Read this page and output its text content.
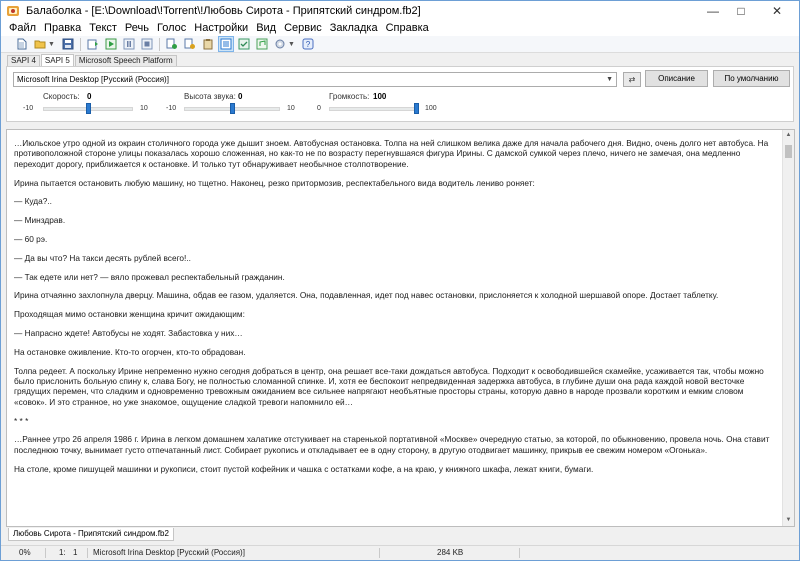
Балаболка - [E:\Download\!Torrent\!Любовь Сирота - Припятский синдром.fb2]	—	□	✕
Файл Правка Текст Речь Голос Настройки Вид Сервис Закладка Справка
▼	▼ ?
SAPI 4	SAPI 5	Microsoft Speech Platform
Microsoft Irina Desktop [Русский (Россия)]	▼	⇄	Описание	По умолчанию
Скорость: 0
-10	10
Высота звука: 0
-10	10
Громкость: 100
0	100

…Июльское утро одной из окраин столичного города уже дышит зноем. Автобусная остановка. Толпа на ней слишком велика даже для начала рабочего дня. Видно, очень долго нет автобуса. На противоположной стороне улицы показалась хорошо сложенная, но как-то не по возрасту перегнувшаяся фигура Ирины. С дамской сумкой через плечо, ничего не замечая, она медленно переходит дорогу, приближается к остановке. И только тут обнаруживает необычное столпотворение.

Ирина пытается остановить любую машину, но тщетно. Наконец, резко притормозив, респектабельного вида водитель лениво роняет:

— Куда?..

— Минздрав.

— 60 рэ.

— Да вы что? На такси десять рублей всего!..

— Так едете или нет? — вяло прожевал респектабельный гражданин.

Ирина отчаянно захлопнула дверцу. Машина, обдав ее газом, удаляется. Она, подавленная, идет под навес остановки, прислоняется к холодной шершавой опоре. Достает таблетку.

Проходящая мимо остановки женщина кричит ожидающим:

— Напрасно ждете! Автобусы не ходят. Забастовка у них…

На остановке оживление. Кто-то огорчен, кто-то обрадован.

Толпа редеет. А поскольку Ирине непременно нужно сегодня добраться в центр, она решает все-таки дождаться автобуса. Подходит к освободившейся скамейке, усаживается так, чтобы можно было прислонить больную спину к, слава Богу, не полностью сломанной спинке. И, хотя ее беспокоит непредвиденная задержка автобуса, в глубине души она рада каждой новой весточке грядущих перемен, что сладким и одновременно тревожным ожиданием все сильнее напрягают необъятные просторы страны, которую давно в народе прозвали коротким и емким словом «совок». И это странное, но уже знакомое, ощущение сладкой тревоги напомнило ей…

* * *

…Раннее утро 26 апреля 1986 г. Ирина в легком домашнем халатике отстукивает на старенькой портативной «Москве» очередную статью, за которой, по обыкновению, провела ночь. Она ставит последнюю точку, вынимает густо отпечатанный лист. Собирает рукопись и откладывает ее в одну сторону, в другую отодвигает машинку, прикрыв ее свежим номером «Огонька».

На столе, кроме пишущей машинки и рукописи, стоит пустой кофейник и чашка с остатками кофе, а на краю, у книжного шкафа, лежат книги, бумаги.

▲
▼
Любовь Сирота - Припятский синдром.fb2
0%	1: 1 Microsoft Irina Desktop [Русский (Россия)]	284 KB
